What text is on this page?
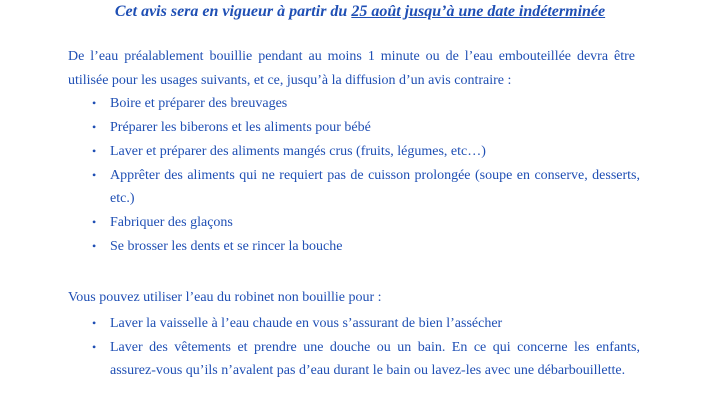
Cet avis sera en vigueur à partir du 25 août jusqu’à une date indéterminée
De l’eau préalablement bouillie pendant au moins 1 minute ou de l’eau embouteillée devra être utilisée pour les usages suivants, et ce, jusqu’à la diffusion d’un avis contraire :
• Boire et préparer des breuvages
• Préparer les biberons et les aliments pour bébé
• Laver et préparer des aliments mangés crus (fruits, légumes, etc…)
• Apprêter des aliments qui ne requiert pas de cuisson prolongée (soupe en conserve, desserts, etc.)
• Fabriquer des glaçons
• Se brosser les dents et se rincer la bouche
Vous pouvez utiliser l’eau du robinet non bouillie pour :
• Laver la vaisselle à l’eau chaude en vous s’assurant de bien l’assécher
• Laver des vêtements et prendre une douche ou un bain. En ce qui concerne les enfants, assurez-vous qu’ils n’avalent pas d’eau durant le bain ou lavez-les avec une débarbouillette.
